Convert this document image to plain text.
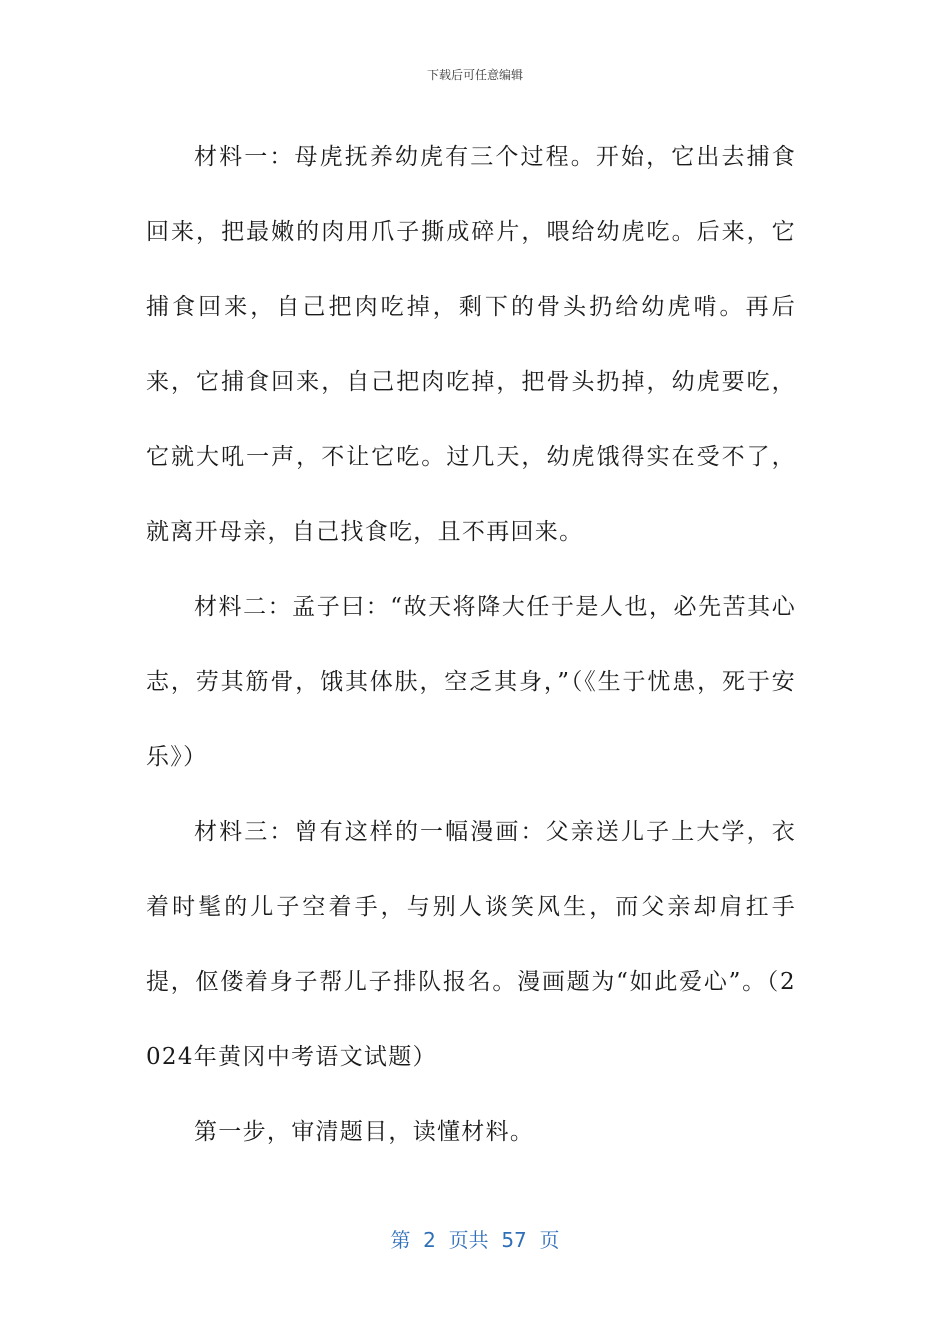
下载后可任意编辑

材料一：母虎抚养幼虎有三个过程。开始，它出去捕食回来，把最嫩的肉用爪子撕成碎片，喂给幼虎吃。后来，它捕食回来，自己把肉吃掉，剩下的骨头扔给幼虎啃。再后来，它捕食回来，自己把肉吃掉，把骨头扔掉，幼虎要吃，它就大吼一声，不让它吃。过几天，幼虎饿得实在受不了，就离开母亲，自己找食吃，且不再回来。

材料二：孟子曰：“故天将降大任于是人也，必先苦其心志，劳其筋骨，饿其体肤，空乏其身，”（《生于忧患，死于安乐》）

材料三：曾有这样的一幅漫画：父亲送儿子上大学，衣着时髦的儿子空着手，与别人谈笑风生，而父亲却肩扛手提，伛偻着身子帮儿子排队报名。漫画题为“如此爱心”。（2024年黄冈中考语文试题）

第一步，审清题目，读懂材料。

第  2  页共  57  页
